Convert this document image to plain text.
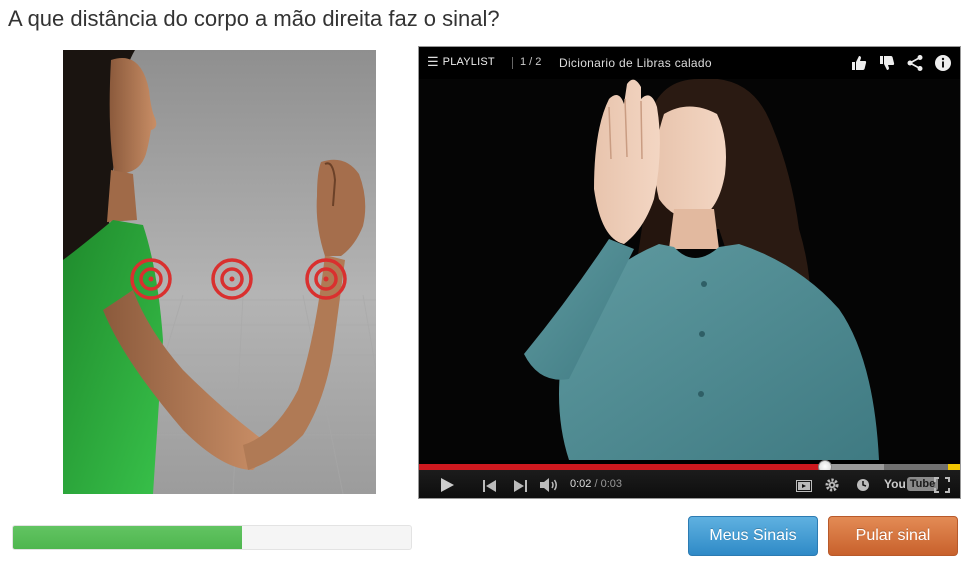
A que distância do corpo a mão direita faz o sinal?
☰ PLAYLIST 1 / 2 Dicionario de Libras calado
0:02 / 0:03	You Tube
Meus Sinais	Pular sinal
